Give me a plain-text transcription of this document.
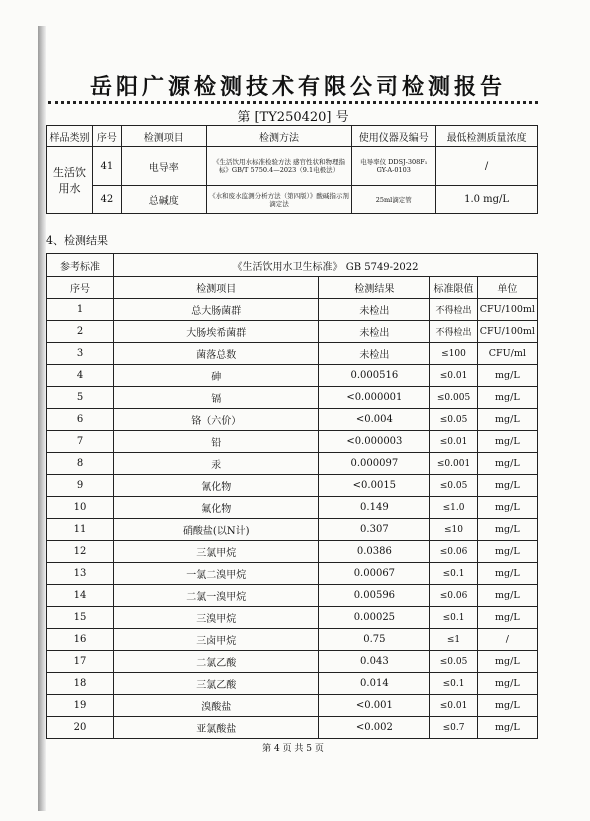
岳阳广源检测技术有限公司检测报告
第 [TY250420] 号
样品类别	序号	检测项目	检测方法	使用仪器及编号	最低检测质量浓度
生活饮用水	41	电导率	《生活饮用水标准检验方法 感官性状和物理指标》GB/T 5750.4—2023（9.1电极法）	电导率仪 DDSJ-308F₁ GY-A-0103	/
	42	总碱度	《水和废水监测分析方法（第四版）》酸碱指示剂滴定法	25ml滴定管	1.0 mg/L
4、检测结果
参考标准	《生活饮用水卫生标准》 GB 5749-2022			
序号	检测项目	检测结果	标准限值	单位
1	总大肠菌群	未检出	不得检出	CFU/100ml
2	大肠埃希菌群	未检出	不得检出	CFU/100ml
3	菌落总数	未检出	≤100	CFU/ml
4	砷	0.000516	≤0.01	mg/L
5	镉	<0.000001	≤0.005	mg/L
6	铬（六价）	<0.004	≤0.05	mg/L
7	铅	<0.000003	≤0.01	mg/L
8	汞	0.000097	≤0.001	mg/L
9	氰化物	<0.0015	≤0.05	mg/L
10	氟化物	0.149	≤1.0	mg/L
11	硝酸盐(以N计)	0.307	≤10	mg/L
12	三氯甲烷	0.0386	≤0.06	mg/L
13	一氯二溴甲烷	0.00067	≤0.1	mg/L
14	二氯一溴甲烷	0.00596	≤0.06	mg/L
15	三溴甲烷	0.00025	≤0.1	mg/L
16	三卤甲烷	0.75	≤1	/
17	二氯乙酸	0.043	≤0.05	mg/L
18	三氯乙酸	0.014	≤0.1	mg/L
19	溴酸盐	<0.001	≤0.01	mg/L
20	亚氯酸盐	<0.002	≤0.7	mg/L
第 4 页 共 5 页
